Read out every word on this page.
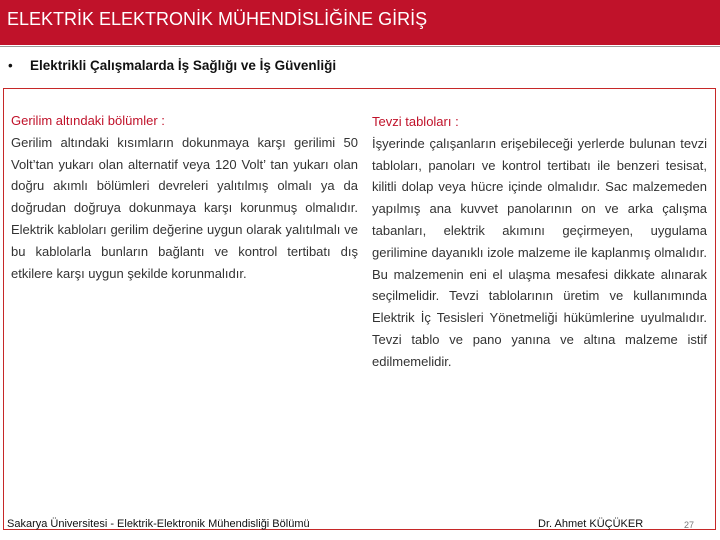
ELEKTRİK ELEKTRONİK MÜHENDİSLİĞİNE GİRİŞ
• Elektrikli Çalışmalarda İş Sağlığı ve İş Güvenliği
Gerilim altındaki bölümler :
Gerilim altındaki kısımların dokunmaya karşı gerilimi 50 Volt’tan yukarı olan alternatif veya 120 Volt’ tan yukarı olan doğru akımlı bölümleri devreleri yalıtılmış olmalı ya da doğrudan doğruya dokunmaya karşı korunmuş olmalıdır. Elektrik kabloları gerilim değerine uygun olarak yalıtılmalı ve bu kablolarla bunların bağlantı ve kontrol tertibatı dış etkilere karşı uygun şekilde korunmalıdır.
Tevzi tabloları :
İşyerinde çalışanların erişebileceği yerlerde bulunan tevzi tabloları, panoları ve kontrol tertibatı ile benzeri tesisat, kilitli dolap veya hücre içinde olmalıdır. Sac malzemeden yapılmış ana kuvvet panolarının on ve arka çalışma tabanları, elektrik akımını geçirmeyen, uygulama gerilimine dayanıklı izole malzeme ile kaplanmış olmalıdır. Bu malzemenin eni el ulaşma mesafesi dikkate alınarak seçilmelidir. Tevzi tablolarının üretim ve kullanımında Elektrik İç Tesisleri Yönetmeliği hükümlerine uyulmalıdır. Tevzi tablo ve pano yanına ve altına malzeme istif edilmemelidir.
Sakarya Üniversitesi - Elektrik-Elektronik Mühendisliği Bölümü	Dr. Ahmet KÜÇÜKER	27
